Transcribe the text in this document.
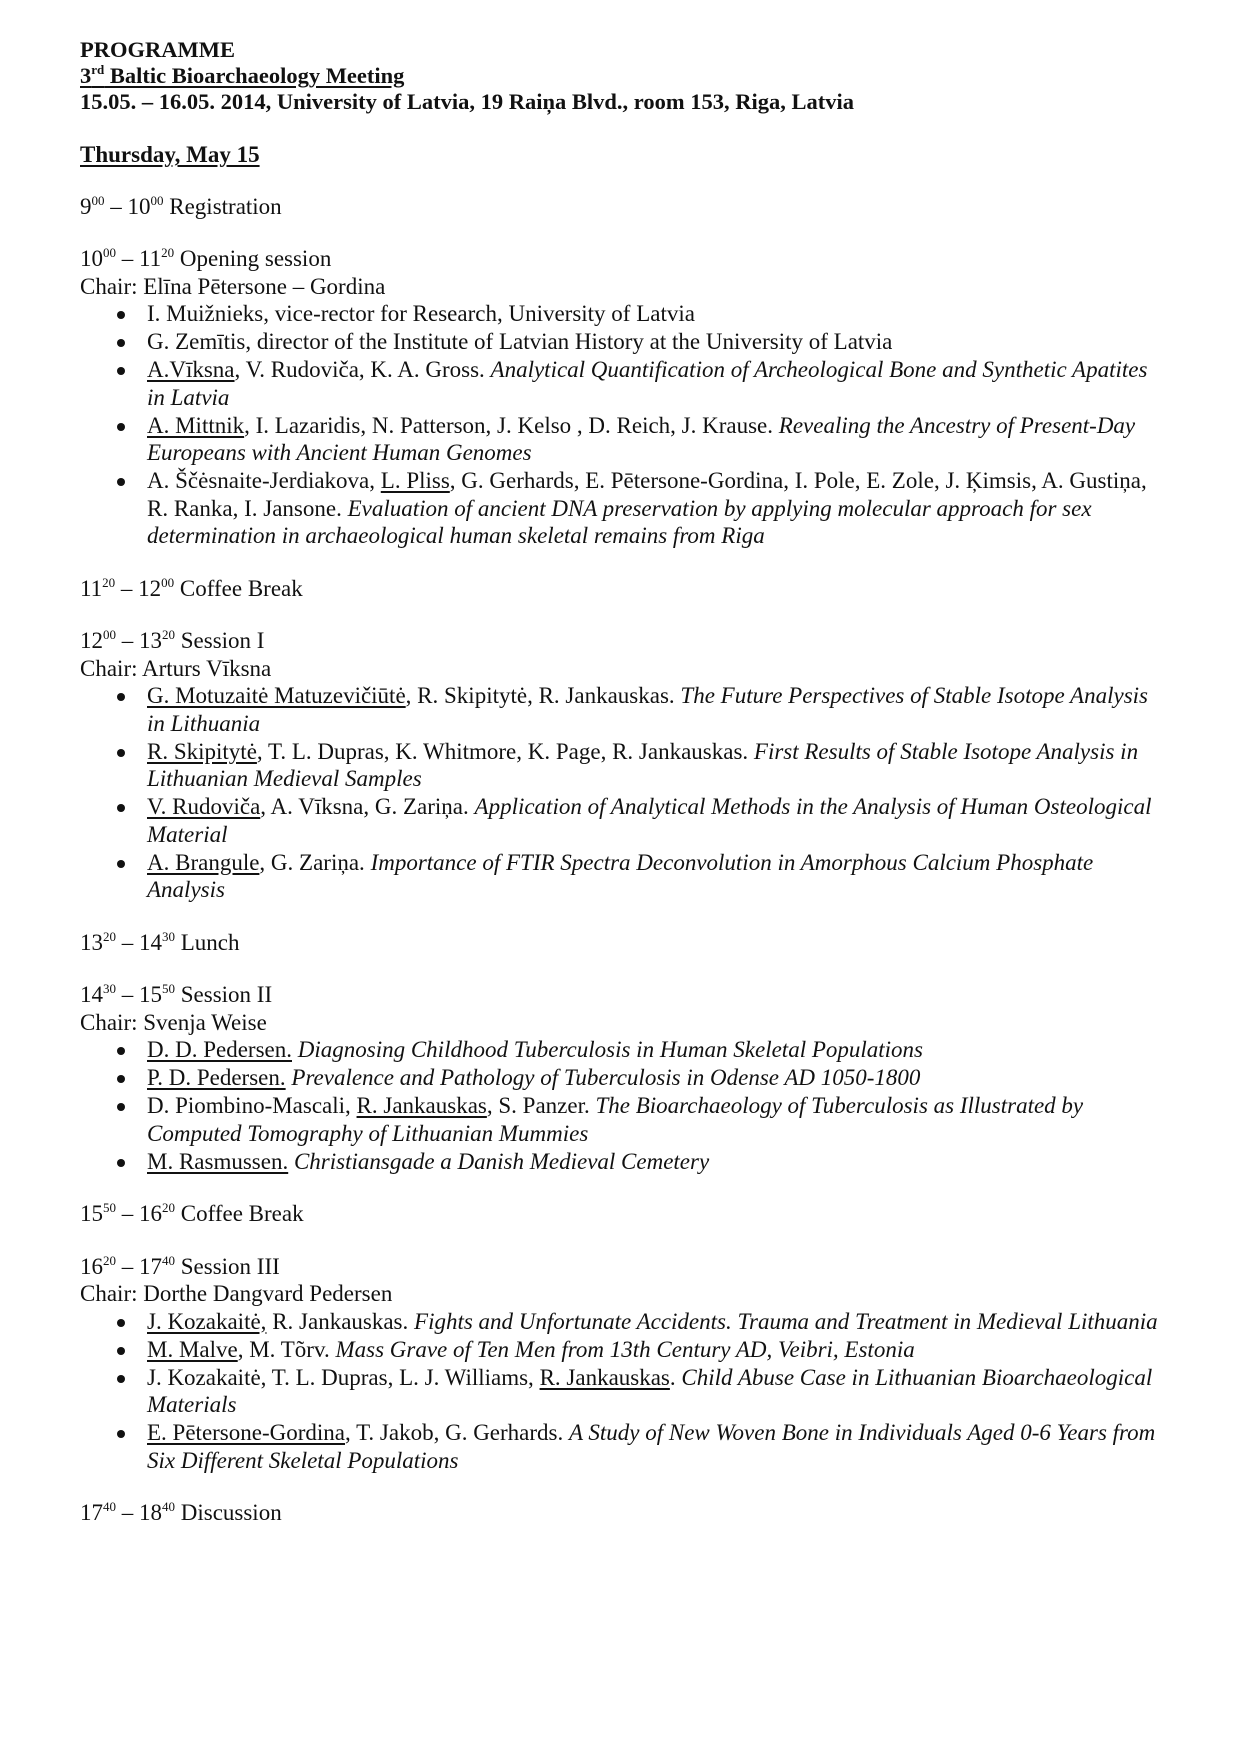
PROGRAMME
3rd Baltic Bioarchaeology Meeting
15.05. – 16.05. 2014, University of Latvia, 19 Raiņa Blvd., room 153, Riga, Latvia
Thursday, May 15
$9^{00} - 10^{00}$ Registration
$10^{00} - 11^{20}$ Opening session
Chair: Elīna Pētersone – Gordina
I. Muižnieks, vice-rector for Research, University of Latvia
G. Zemītis, director of the Institute of Latvian History at the University of Latvia
A.Vīksna, V. Rudoviča, K. A. Gross. Analytical Quantification of Archeological Bone and Synthetic Apatites in Latvia
A. Mittnik, I. Lazaridis, N. Patterson, J. Kelso , D. Reich, J. Krause. Revealing the Ancestry of Present-Day Europeans with Ancient Human Genomes
A. Ščėsnaite-Jerdiakova, L. Pliss, G. Gerhards, E. Pētersone-Gordina, I. Pole, E. Zole, J. Ķimsis, A. Gustiņa, R. Ranka, I. Jansone. Evaluation of ancient DNA preservation by applying molecular approach for sex determination in archaeological human skeletal remains from Riga
$11^{20} - 12^{00}$ Coffee Break
$12^{00} - 13^{20}$ Session I
Chair: Arturs Vīksna
G. Motuzaitė Matuzevičiūtė, R. Skipitytė, R. Jankauskas. The Future Perspectives of Stable Isotope Analysis in Lithuania
R. Skipitytė, T. L. Dupras, K. Whitmore, K. Page, R. Jankauskas. First Results of Stable Isotope Analysis in Lithuanian Medieval Samples
V. Rudoviča, A. Vīksna, G. Zariņa. Application of Analytical Methods in the Analysis of Human Osteological Material
A. Brangule, G. Zariņa. Importance of FTIR Spectra Deconvolution in Amorphous Calcium Phosphate Analysis
$13^{20} - 14^{30}$ Lunch
$14^{30} - 15^{50}$ Session II
Chair: Svenja Weise
D. D. Pedersen. Diagnosing Childhood Tuberculosis in Human Skeletal Populations
P. D. Pedersen. Prevalence and Pathology of Tuberculosis in Odense AD 1050-1800
D. Piombino-Mascali, R. Jankauskas, S. Panzer. The Bioarchaeology of Tuberculosis as Illustrated by Computed Tomography of Lithuanian Mummies
M. Rasmussen. Christiansgade a Danish Medieval Cemetery
$15^{50} - 16^{20}$ Coffee Break
$16^{20} - 17^{40}$ Session III
Chair: Dorthe Dangvard Pedersen
J. Kozakaitė, R. Jankauskas. Fights and Unfortunate Accidents. Trauma and Treatment in Medieval Lithuania
M. Malve, M. Tõrv. Mass Grave of Ten Men from 13th Century AD, Veibri, Estonia
J. Kozakaitė, T. L. Dupras, L. J. Williams, R. Jankauskas. Child Abuse Case in Lithuanian Bioarchaeological Materials
E. Pētersone-Gordina, T. Jakob, G. Gerhards. A Study of New Woven Bone in Individuals Aged 0-6 Years from Six Different Skeletal Populations
$17^{40} - 18^{40}$ Discussion
